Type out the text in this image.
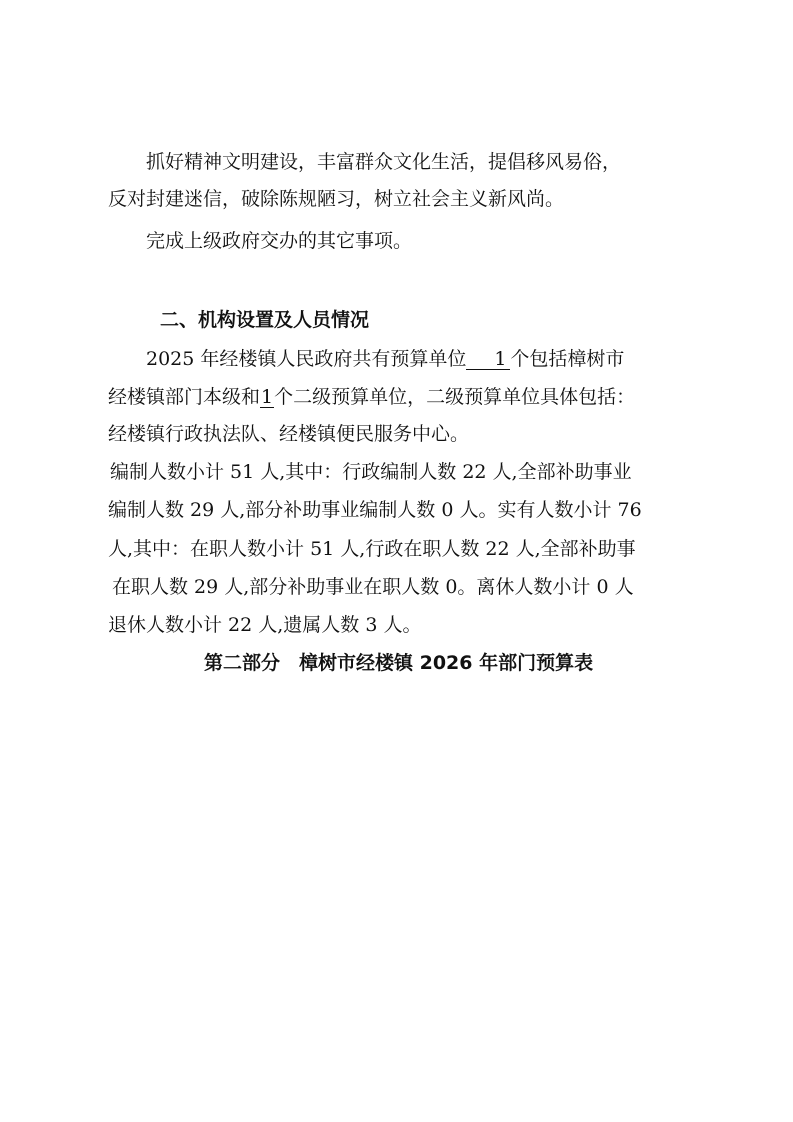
抓好精神文明建设，丰富群众文化生活，提倡移风易俗，
反对封建迷信，破除陈规陋习，树立社会主义新风尚。
完成上级政府交办的其它事项。
二、机构设置及人员情况
2025 年经楼镇人民政府共有预算单位 1 个包括樟树市
经楼镇部门本级和1个二级预算单位，二级预算单位具体包括：
经楼镇行政执法队、经楼镇便民服务中心。
编制人数小计 51 人,其中：行政编制人数 22 人,全部补助事业
编制人数 29 人,部分补助事业编制人数 0 人。实有人数小计 76
人,其中：在职人数小计 51 人,行政在职人数 22 人,全部补助事
在职人数 29 人,部分补助事业在职人数 0。离休人数小计 0 人
退休人数小计 22 人,遗属人数 3 人。
第二部分　樟树市经楼镇 2026 年部门预算表
